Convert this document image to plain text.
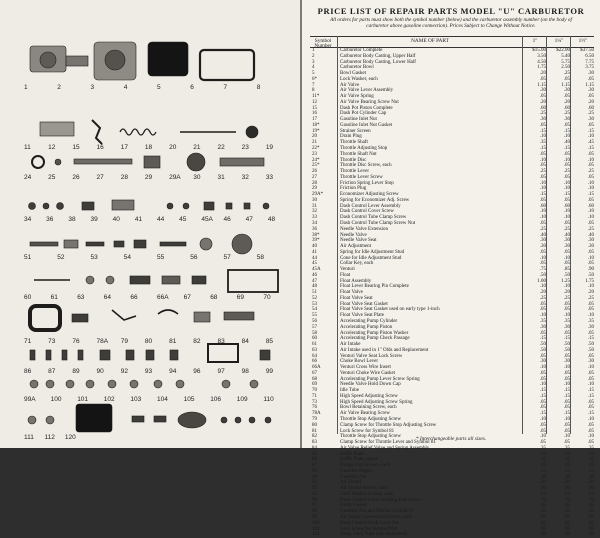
1	2	3	4	5	6	7	8
11	12	15	16	17	18	20	21	22	23	19
24	25	26	27	28	29	29A 30	31	32	33
34 36 38 39 40 41 44 45 45A 46 47 48
51	52	53	54	55	56	57	58
60	61	63	64	66	66A 67	68	69	70
71	73	76	78A 79	80	81	82	83	84	85
86	87	89	90	92	93	94	96	97	98	99
99A 100 101 102 103 104 105 106 109 110
111 112 120
PRICE LIST OF REPAIR PARTS MODEL "U" CARBURETOR
All orders for parts must show both the symbol number (below) and the carburetor assembly number (on the body of carburetor above gasoline connection). Prices Subject to Change Without Notice.
Symbol Number
NAME OF PART	1"	1¼"	1½"
1	Carburetor Complete	$15.00	$22.00	$37.50
2	Carburetor Body Casting, Upper Half	3.50	5.40	6.50
3	Carburetor Body Casting, Lower Half	4.50	5.75	7.75
4	Carburetor Bowl	1.75	2.50	3.75
5	Bowl Gasket	.20	.25	.30
6*	Lock Washer, each	.05	.05	.05
7	Air Valve	1.15	1.15	1.15
8	Air Valve Lever Assembly	.30	.30	.30
11*	Air Valve Spring	.05	.05	.05
12	Air Valve Bearing Screw Nut	.20	.20	.20
15	Dash Pot Piston Complete	.60	.60	.60
16	Dash Pot Cylinder Cap	.25	.25	.25
17	Gasoline Inlet Nut	.30	.30	.30
18*	Gasoline Inlet Nut Gasket	.05	.05	.05
19*	Strainer Screen	.15	.15	.15
20	Drain Plug	.10	.10	.10
21	Throttle Shaft	.35	.40	.45
22*	Throttle Adjusting Stop	.15	.15	.15
23	Throttle Shaft Nut	.05	.05	.05
24*	Throttle Disc	.10	.10	.10
25*	Throttle Disc Screw, each	.05	.05	.05
26	Throttle Lever	.25	.25	.25
27	Throttle Lever Screw	.05	.05	.05
28	Friction Spring Lever Stop	.10	.10	.10
29	Friction Plug	.10	.10	.10
29A*	Economizer Adjusting Screw	.15	.15	.15
30	Spring for Economizer Adj. Screw	.05	.05	.05
31	Dash Control Lever Assembly	.60	.60	.60
32	Dash Control Cover Screw	.10	.10	.10
33	Dash Control Tube Clamp Screw	.10	.10	.10
34	Dash Control Tube Clamp Screw Nut	.05	.05	.05
36	Needle Valve Extension	.25	.25	.25
38*	Needle Valve	.40	.40	.40
39*	Needle Valve Seat	.30	.30	.30
40	Air Adjustment	.30	.30	.30
41	Spring for Idle Adjustment Stud	.05	.05	.05
44	Cone for Idle Adjustment Stud	.10	.10	.10
45	Collar Key, each	.05	.05	.05
45A	Venturi	.75	.85	.90
46	Float	.50	.50	.50
47	Float Assembly	1.00	1.25	1.75
48	Float Lever Bearing Pin Complete	.10	.10	.10
51	Float Valve	.20	.20	.20
52	Float Valve Seat	.25	.25	.25
53	Float Valve Seat Gasket	.05	.05	.05
54	Float Valve Seat Gasket used on early type 1-inch	.05	.05	.05
55	Float Valve Seat Plate	.10	.10	.10
56	Accelerating Pump Cylinder	.35	.35	.35
57	Accelerating Pump Piston	.30	.30	.30
58	Accelerating Pump Piston Washer	.05	.05	.05
60	Accelerating Pump Check Passage	.15	.15	.15
61	Air Intake	.50	.50	.50
63	Air Intake used in 1" Olds and Replacement	.50	.50	.50
64	Venturi Valve Seat Lock Screw	.05	.05	.05
66	Choke Bowl Lever	.30	.30	.30
66A	Venturi Cross Wire Insert	.10	.10	.10
67	Venturi Choke Wire Gasket	.05	.05	.05
68	Accelerating Pump Lever Screw Spring	.05	.05	.05
69	Needle Valve Hold Down Cap	.10	.10	.10
70	Idle Tube	.15	.15	.15
71	High Speed Adjusting Screw	.15	.15	.15
73	High Speed Adjusting Screw Spring	.05	.05	.05
76	Bowl Retaining Screw, each	.05	.05	.05
78A	Air Valve Bearing Screw	.15	.15	.15
79	Throttle Stop Adjusting Screw	.10	.10	.10
80	Clamp Screw for Throttle Stop Adjusting Screw	.05	.05	.05
81	Lock Screw for Symbol 81	.05	.05	.05
82	Throttle Stop Adjusting Screw	.10	.10	.10
83	Clamp Screw for Throttle Lever and Symbol 81	.05	.05	.05
84	Air Valve Relief Valve and Spring Assembly	.35	.35	.35
85	Baffle Plate	.15	.15	.15
86	Baffle Plate, upper	.15	.15	.15
87	Flange Cap Screws, each	.05	.05	.05
89	Gasoline Nipple	.15	.15	.15
90	Gasoline Nut	.10	.10	.10
92	Air Shield	.20	.20	.20
93	Air Shield Screws, each	.05	.05	.05
94	Lock Washer Screws, each	.05	.05	.05
96	Dash Control Lever Binding Post Screw	.10	.10	.10
97	Pump Gasket	.05	.05	.05
98	Gasoline Nut and Nut for Symbol 97	.10	.10	.10
99	Air Intake Connection Screws, each	.05	.05	.05
100	Dash Control Shaft Lock Nut	.05	.05	.05
101	Lock Screw for Symbol 95A	.05	.05	.05
102	Pump Stem Tube (not illustrated)	.10	.10	.10
* Interchangeable parts all sizes.
